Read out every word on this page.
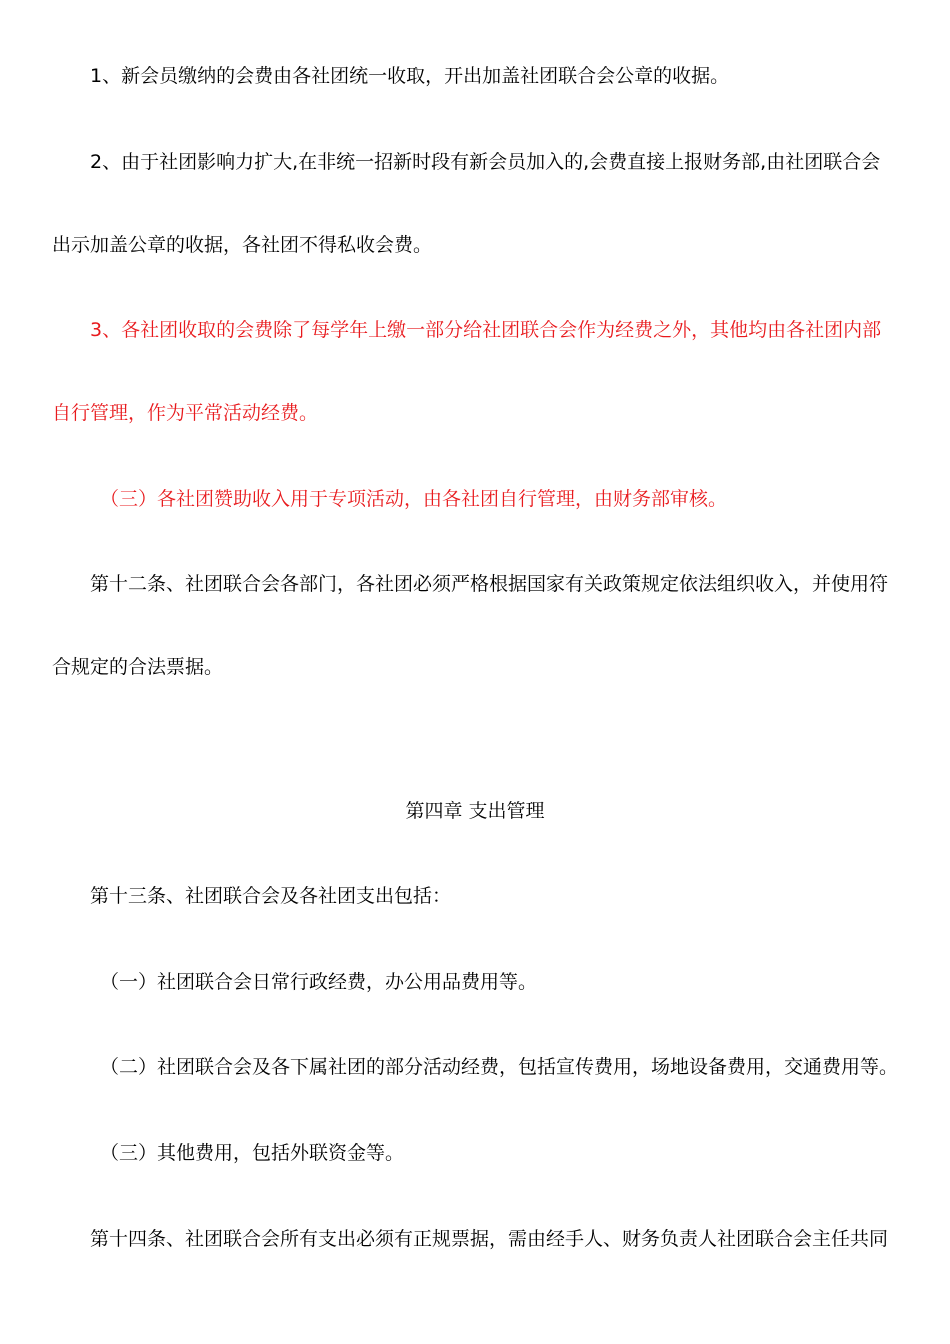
1、新会员缴纳的会费由各社团统一收取，开出加盖社团联合会公章的收据。
2、由于社团影响力扩大,在非统一招新时段有新会员加入的,会费直接上报财务部,由社团联合会
出示加盖公章的收据，各社团不得私收会费。
3、各社团收取的会费除了每学年上缴一部分给社团联合会作为经费之外，其他均由各社团内部
自行管理，作为平常活动经费。
（三）各社团赞助收入用于专项活动，由各社团自行管理，由财务部审核。
第十二条、社团联合会各部门，各社团必须严格根据国家有关政策规定依法组织收入，并使用符
合规定的合法票据。
第四章 支出管理
第十三条、社团联合会及各社团支出包括：
（一）社团联合会日常行政经费，办公用品费用等。
（二）社团联合会及各下属社团的部分活动经费，包括宣传费用，场地设备费用，交通费用等。
（三）其他费用，包括外联资金等。
第十四条、社团联合会所有支出必须有正规票据，需由经手人、财务负责人社团联合会主任共同
